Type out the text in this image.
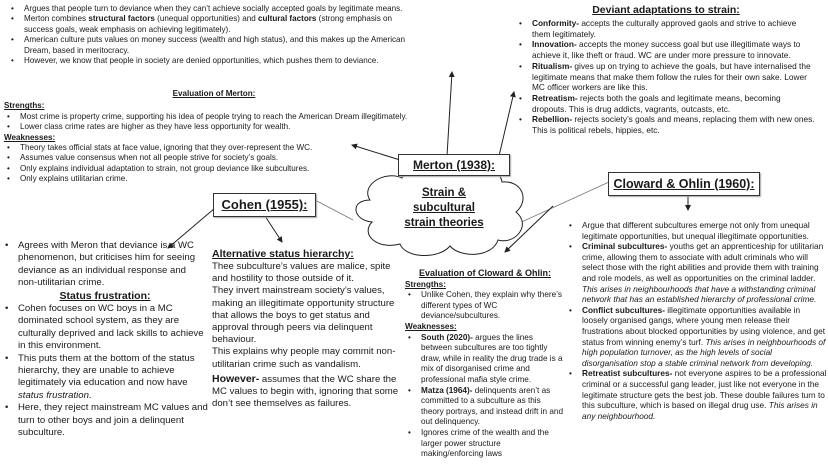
Strain &
subcultural
strain theories
• Argues that people turn to deviance when they can’t achieve socially accepted goals by legitimate means.
• Merton combines structural factors (unequal opportunities) and cultural factors (strong emphasis on success goals, weak emphasis on achieving legitimately).
• American culture puts values on money success (wealth and high status), and this makes up the American Dream, based in meritocracy.
• However, we know that people in society are denied opportunities, which pushes them to deviance.
Evaluation of Merton:
Strengths:
• Most crime is property crime, supporting his idea of people trying to reach the American Dream illegitimately.
• Lower class crime rates are higher as they have less opportunity for wealth.
Weaknesses:
• Theory takes official stats at face value, ignoring that they over-represent the WC.
• Assumes value consensus when not all people strive for society’s goals.
• Only explains individual adaptation to strain, not group deviance like subcultures.
• Only explains utilitarian crime.
Deviant adaptations to strain:
• Conformity- accepts the culturally approved gaols and strive to achieve them legitimately.
• Innovation- accepts the money success goal but use illegitimate ways to achieve it, like theft or fraud. WC are under more pressure to innovate.
• Ritualism- gives up on trying to achieve the goals, but have internalised the legitimate means that make them follow the rules for their own sake. Lower MC officer workers are like this.
• Retreatism- rejects both the goals and legitimate means, becoming dropouts. This is drug addicts, vagrants, outcasts, etc.
• Rebellion- rejects society’s goals and means, replacing them with new ones. This is political rebels, hippies, etc.
Merton (1938):
Cohen (1955):
Cloward & Ohlin (1960):
• Agrees with Meron that deviance is a WC phenomenon, but criticises him for seeing deviance as an individual response and non-utilitarian crime.
Status frustration:
• Cohen focuses on WC boys in a MC dominated school system, as they are culturally deprived and lack skills to achieve in this environment.
• This puts them at the bottom of the status hierarchy, they are unable to achieve legitimately via education and now have status frustration.
• Here, they reject mainstream MC values and turn to other boys and join a delinquent subculture.
Alternative status hierarchy:
Thee subculture’s values are malice, spite and hostility to those outside of it.
They invert mainstream society’s values, making an illegitimate opportunity structure that allows the boys to get status and approval through peers via delinquent behaviour.
This explains why people may commit non-utilitarian crime such as vandalism.
However- assumes that the WC share the MC values to begin with, ignoring that some don’t see themselves as failures.
Evaluation of Cloward & Ohlin:
Strengths:
• Unlike Cohen, they explain why there’s different types of WC deviance/subcultures.
Weaknesses:
• South (2020)- argues the lines between subcultures are too tightly draw, while in reality the drug trade is a mix of disorganised crime and professional mafia style crime.
• Matza (1964)- delinquents aren’t as committed to a subculture as this theory portrays, and instead drift in and out delinquency.
• Ignores crime of the wealth and the larger power structure making/enforcing laws
• Argue that different subcultures emerge not only from unequal legitimate opportunities, but unequal illegitimate opportunities.
• Criminal subcultures- youths get an apprenticeship for utilitarian crime, allowing them to associate with adult criminals who will select those with the right abilities and provide them with training and role models, as well as opportunities on the criminal ladder. This arises in neighbourhoods that have a withstanding criminal network that has an established hierarchy of professional crime.
• Conflict subcultures- illegitimate opportunities available in loosely organised gangs, where young men release their frustrations about blocked opportunities by using violence, and get status from winning enemy’s turf. This arises in neighbourhoods of high population turnover, as the high levels of social disorganisation stop a stable criminal network from developing.
• Retreatist subcultures- not everyone aspires to be a professional criminal or a successful gang leader, just like not everyone in the legitimate structure gets the best job. These double failures turn to this subculture, which is based on illegal drug use. This arises in any neighbourhood.
